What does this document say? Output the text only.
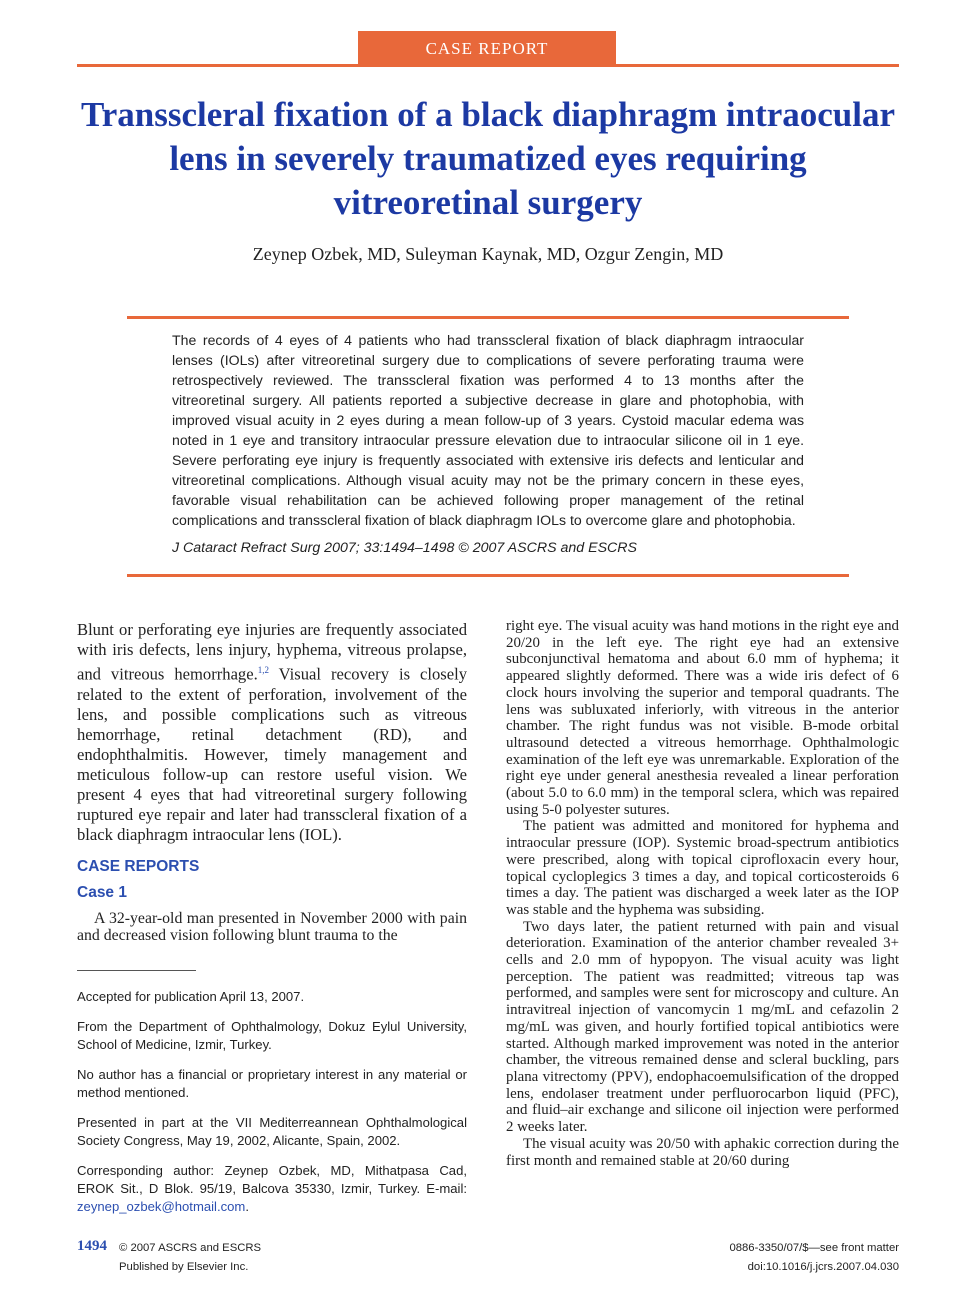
CASE REPORT
Transscleral fixation of a black diaphragm intraocular lens in severely traumatized eyes requiring vitreoretinal surgery
Zeynep Ozbek, MD, Suleyman Kaynak, MD, Ozgur Zengin, MD

The records of 4 eyes of 4 patients who had transscleral fixation of black diaphragm intraocular lenses (IOLs) after vitreoretinal surgery due to complications of severe perforating trauma were retrospectively reviewed. The transscleral fixation was performed 4 to 13 months after the vitreoretinal surgery. All patients reported a subjective decrease in glare and photophobia, with improved visual acuity in 2 eyes during a mean follow-up of 3 years. Cystoid macular edema was noted in 1 eye and transitory intraocular pressure elevation due to intraocular silicone oil in 1 eye. Severe perforating eye injury is frequently associated with extensive iris defects and lenticular and vitreoretinal complications. Although visual acuity may not be the primary concern in these eyes, favorable visual rehabilitation can be achieved following proper management of the retinal complications and transscleral fixation of black diaphragm IOLs to overcome glare and photophobia.

J Cataract Refract Surg 2007; 33:1494–1498 © 2007 ASCRS and ESCRS

Blunt or perforating eye injuries are frequently associated with iris defects, lens injury, hyphema, vitreous prolapse, and vitreous hemorrhage.$^{1,2}$ Visual recovery is closely related to the extent of perforation, involvement of the lens, and possible complications such as vitreous hemorrhage, retinal detachment (RD), and endophthalmitis. However, timely management and meticulous follow-up can restore useful vision. We present 4 eyes that had vitreoretinal surgery following ruptured eye repair and later had transscleral fixation of a black diaphragm intraocular lens (IOL).

CASE REPORTS
Case 1

A 32-year-old man presented in November 2000 with pain and decreased vision following blunt trauma to the

Accepted for publication April 13, 2007.

From the Department of Ophthalmology, Dokuz Eylul University, School of Medicine, Izmir, Turkey.

No author has a financial or proprietary interest in any material or method mentioned.

Presented in part at the VII Mediterreannean Ophthalmological Society Congress, May 19, 2002, Alicante, Spain, 2002.

Corresponding author: Zeynep Ozbek, MD, Mithatpasa Cad, EROK Sit., D Blok. 95/19, Balcova 35330, Izmir, Turkey. E-mail: zeynep_ozbek@hotmail.com.

right eye. The visual acuity was hand motions in the right eye and 20/20 in the left eye. The right eye had an extensive subconjunctival hematoma and about 6.0 mm of hyphema; it appeared slightly deformed. There was a wide iris defect of 6 clock hours involving the superior and temporal quadrants. The lens was subluxated inferiorly, with vitreous in the anterior chamber. The right fundus was not visible. B-mode orbital ultrasound detected a vitreous hemorrhage. Ophthalmologic examination of the left eye was unremarkable. Exploration of the right eye under general anesthesia revealed a linear perforation (about 5.0 to 6.0 mm) in the temporal sclera, which was repaired using 5-0 polyester sutures.

The patient was admitted and monitored for hyphema and intraocular pressure (IOP). Systemic broad-spectrum antibiotics were prescribed, along with topical ciprofloxacin every hour, topical cycloplegics 3 times a day, and topical corticosteroids 6 times a day. The patient was discharged a week later as the IOP was stable and the hyphema was subsiding.

Two days later, the patient returned with pain and visual deterioration. Examination of the anterior chamber revealed 3+ cells and 2.0 mm of hypopyon. The visual acuity was light perception. The patient was readmitted; vitreous tap was performed, and samples were sent for microscopy and culture. An intravitreal injection of vancomycin 1 mg/mL and cefazolin 2 mg/mL was given, and hourly fortified topical antibiotics were started. Although marked improvement was noted in the anterior chamber, the vitreous remained dense and scleral buckling, pars plana vitrectomy (PPV), endophacoemulsification of the dropped lens, endolaser treatment under perfluorocarbon liquid (PFC), and fluid–air exchange and silicone oil injection were performed 2 weeks later.

The visual acuity was 20/50 with aphakic correction during the first month and remained stable at 20/60 during

1494 © 2007 ASCRS and ESCRS
Published by Elsevier Inc.
0886-3350/07/$—see front matter
doi:10.1016/j.jcrs.2007.04.030
